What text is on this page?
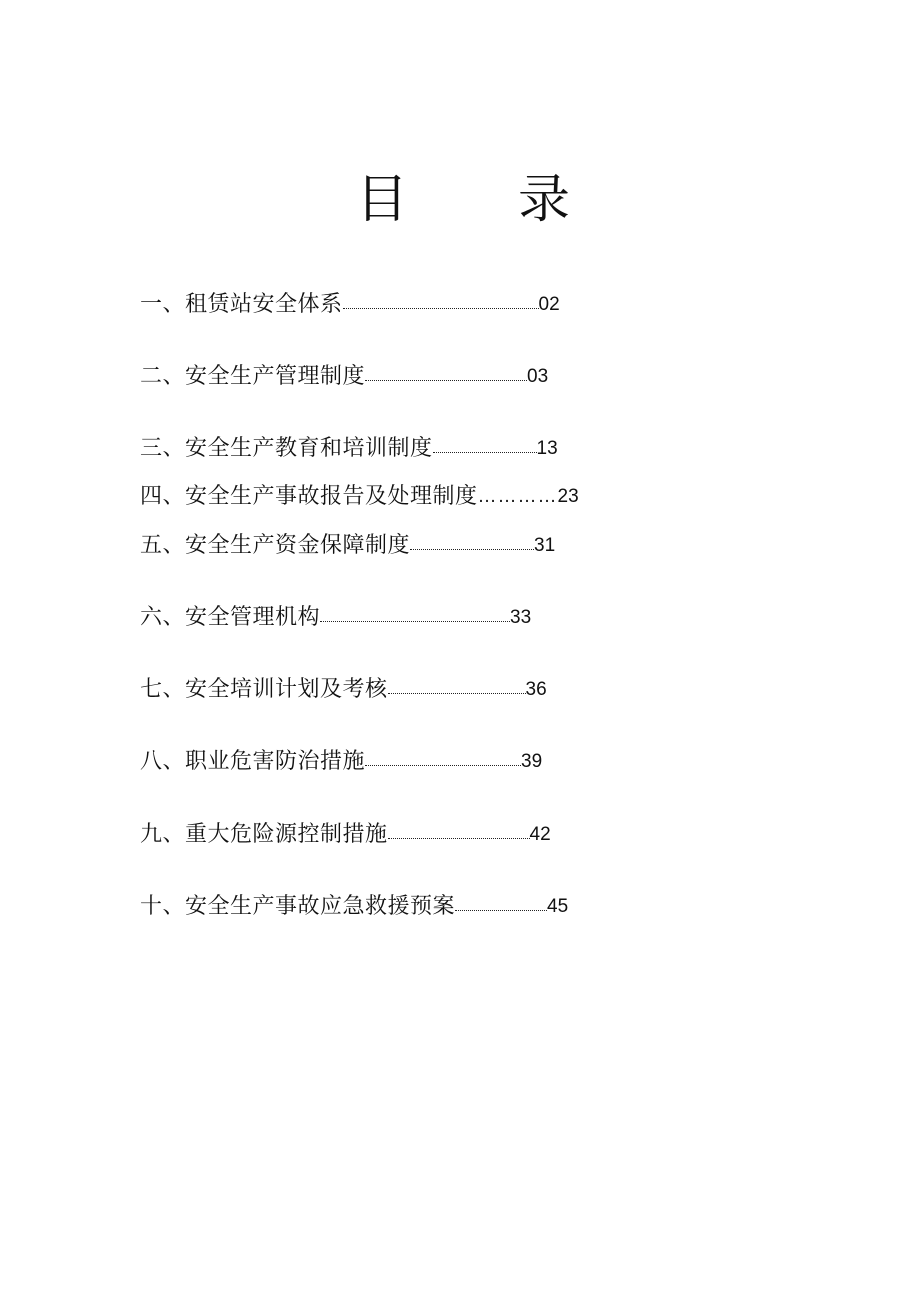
目 录
一、租赁站安全体系	02
二、安全生产管理制度	03
三、安全生产教育和培训制度	13
四、安全生产事故报告及处理制度 ………… 23
五、安全生产资金保障制度	31
六、安全管理机构	33
七、安全培训计划及考核	36
八、职业危害防治措施	39
九、重大危险源控制措施	42
十、安全生产事故应急救援预案	45
